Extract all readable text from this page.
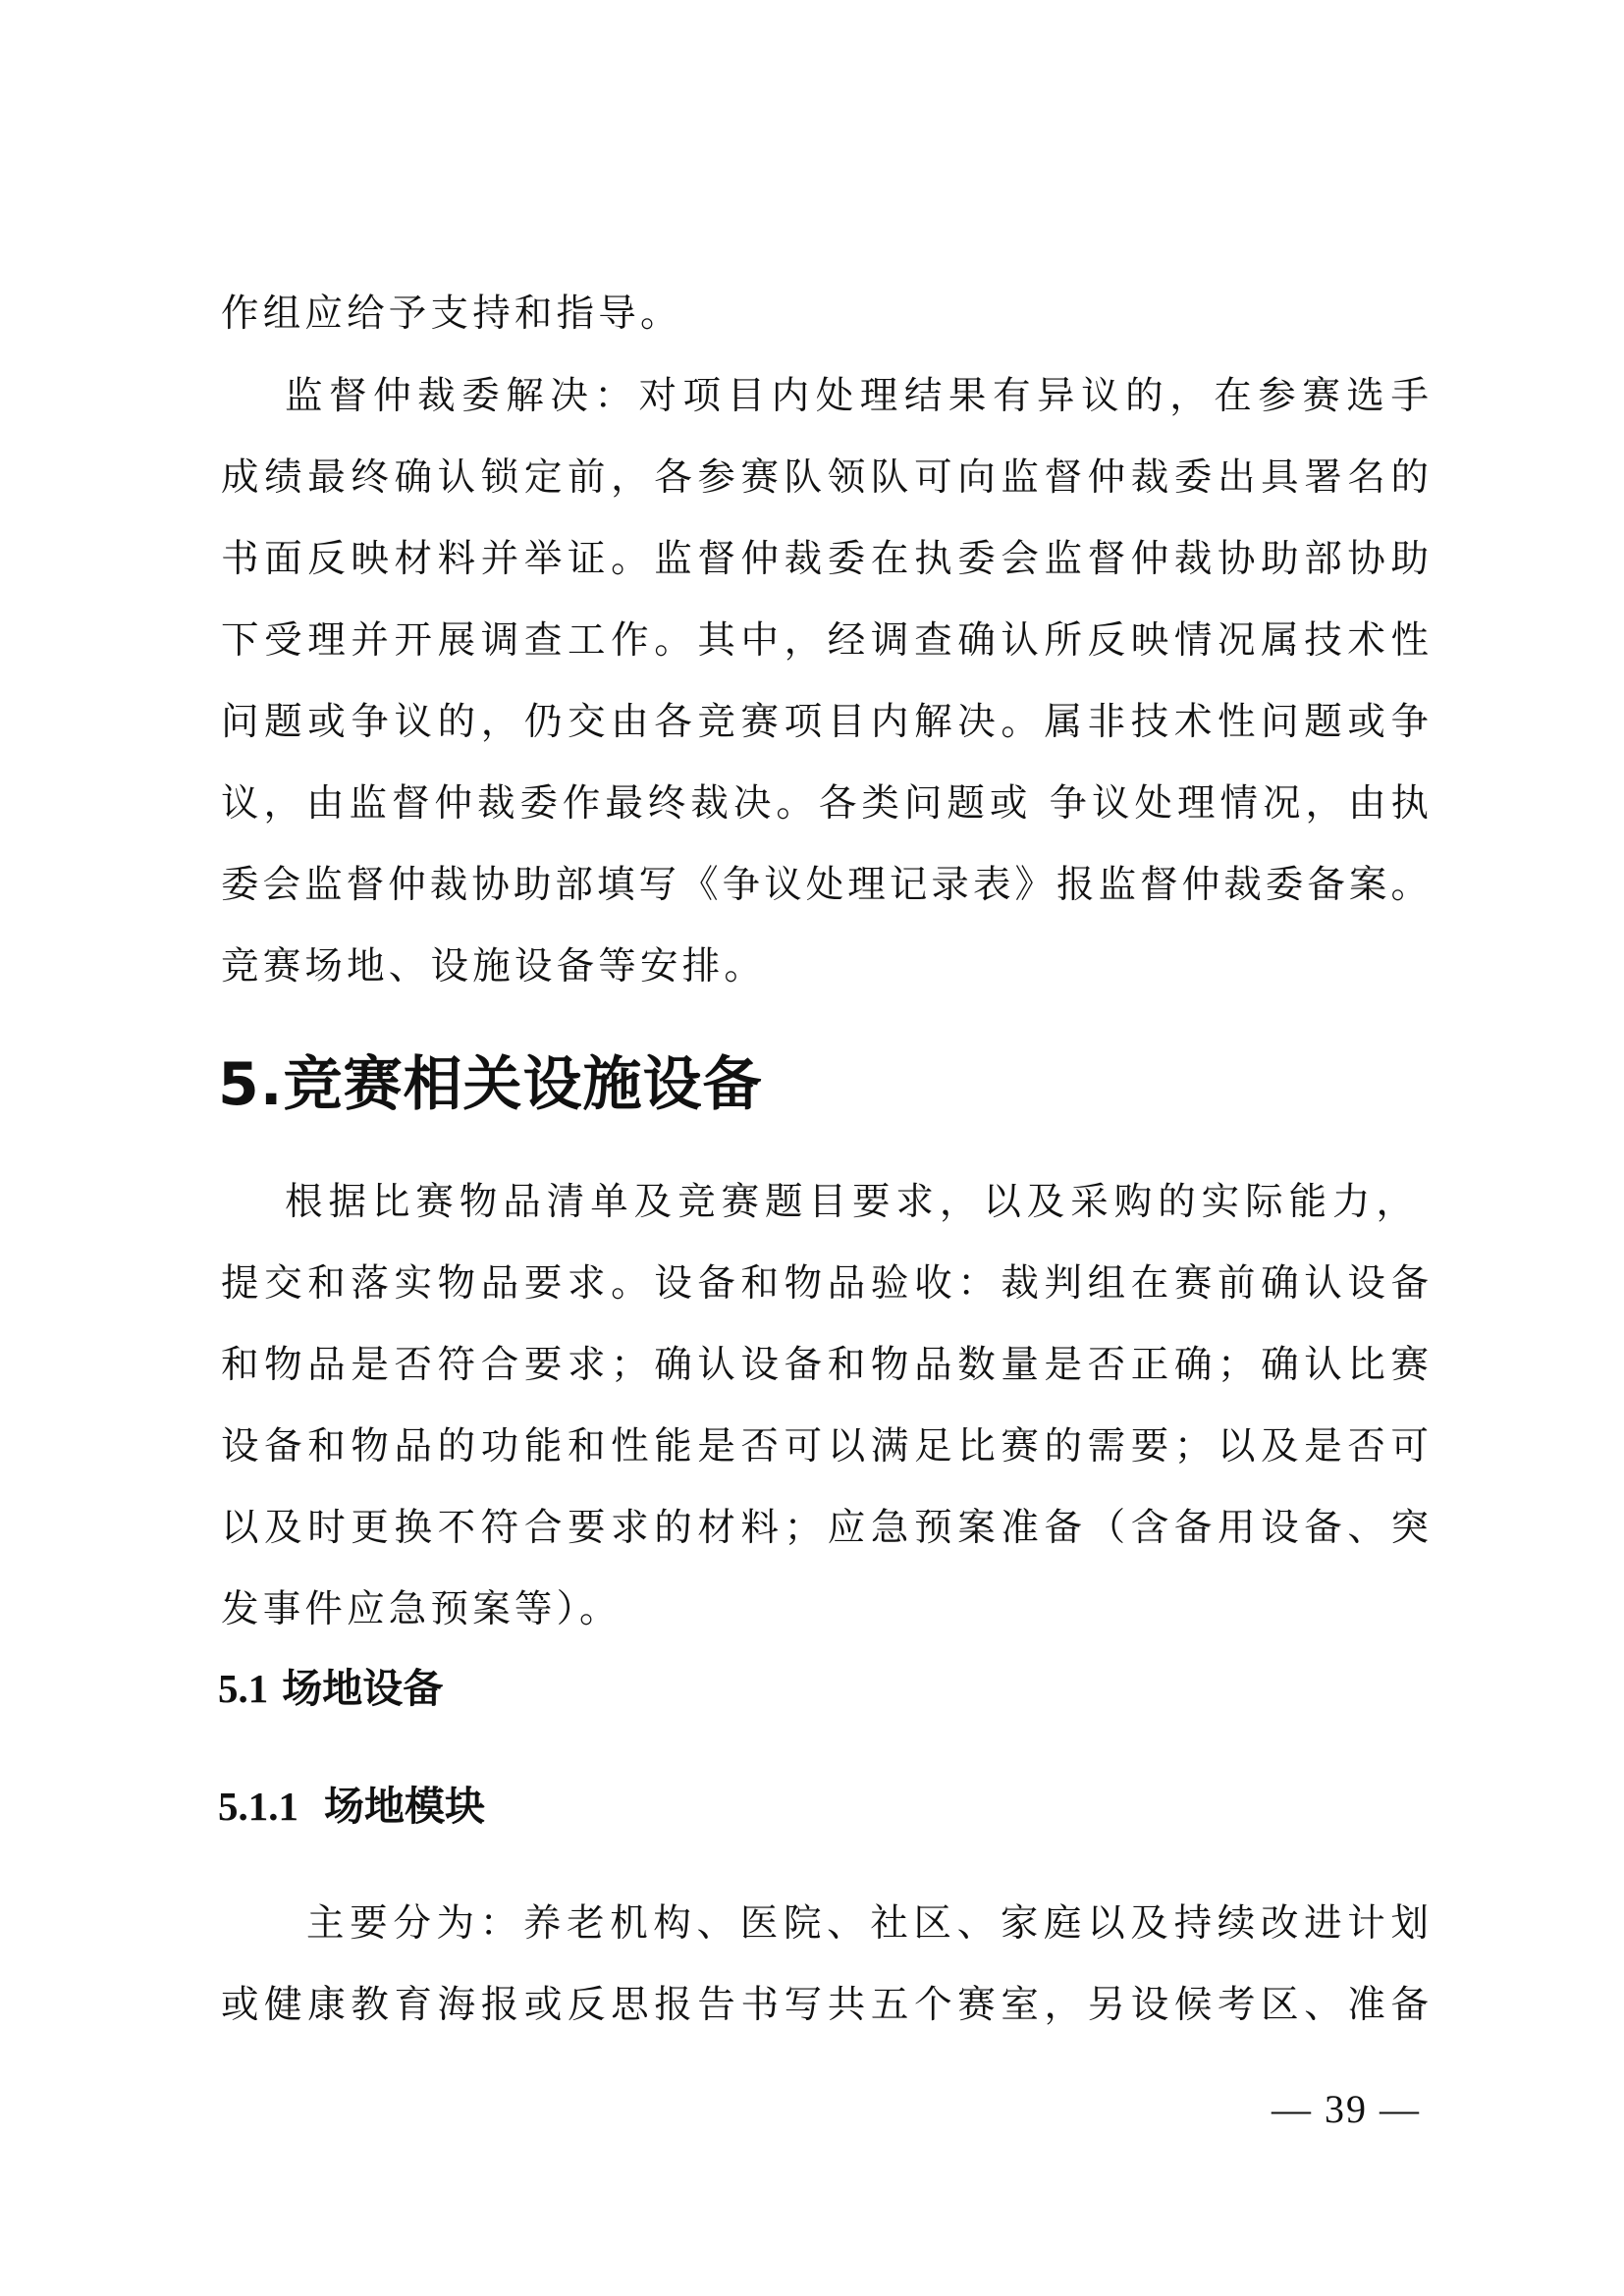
作组应给予支持和指导。
监督仲裁委解决：对项目内处理结果有异议的，在参赛选手
成绩最终确认锁定前，各参赛队领队可向监督仲裁委出具署名的
书面反映材料并举证。监督仲裁委在执委会监督仲裁协助部协助
下受理并开展调查工作。其中，经调查确认所反映情况属技术性
问题或争议的，仍交由各竞赛项目内解决。属非技术性问题或争
议，由监督仲裁委作最终裁决。各类问题或 争议处理情况，由执
委会监督仲裁协助部填写《争议处理记录表》报监督仲裁委备案。
竞赛场地、设施设备等安排。
5.竞赛相关设施设备
根据比赛物品清单及竞赛题目要求，以及采购的实际能力，
提交和落实物品要求。设备和物品验收：裁判组在赛前确认设备
和物品是否符合要求；确认设备和物品数量是否正确；确认比赛
设备和物品的功能和性能是否可以满足比赛的需要；以及是否可
以及时更换不符合要求的材料；应急预案准备（含备用设备、突
发事件应急预案等）。
5.1 场地设备
5.1.1 场地模块
主要分为：养老机构、医院、社区、家庭以及持续改进计划
或健康教育海报或反思报告书写共五个赛室，另设候考区、准备
— 39 —
